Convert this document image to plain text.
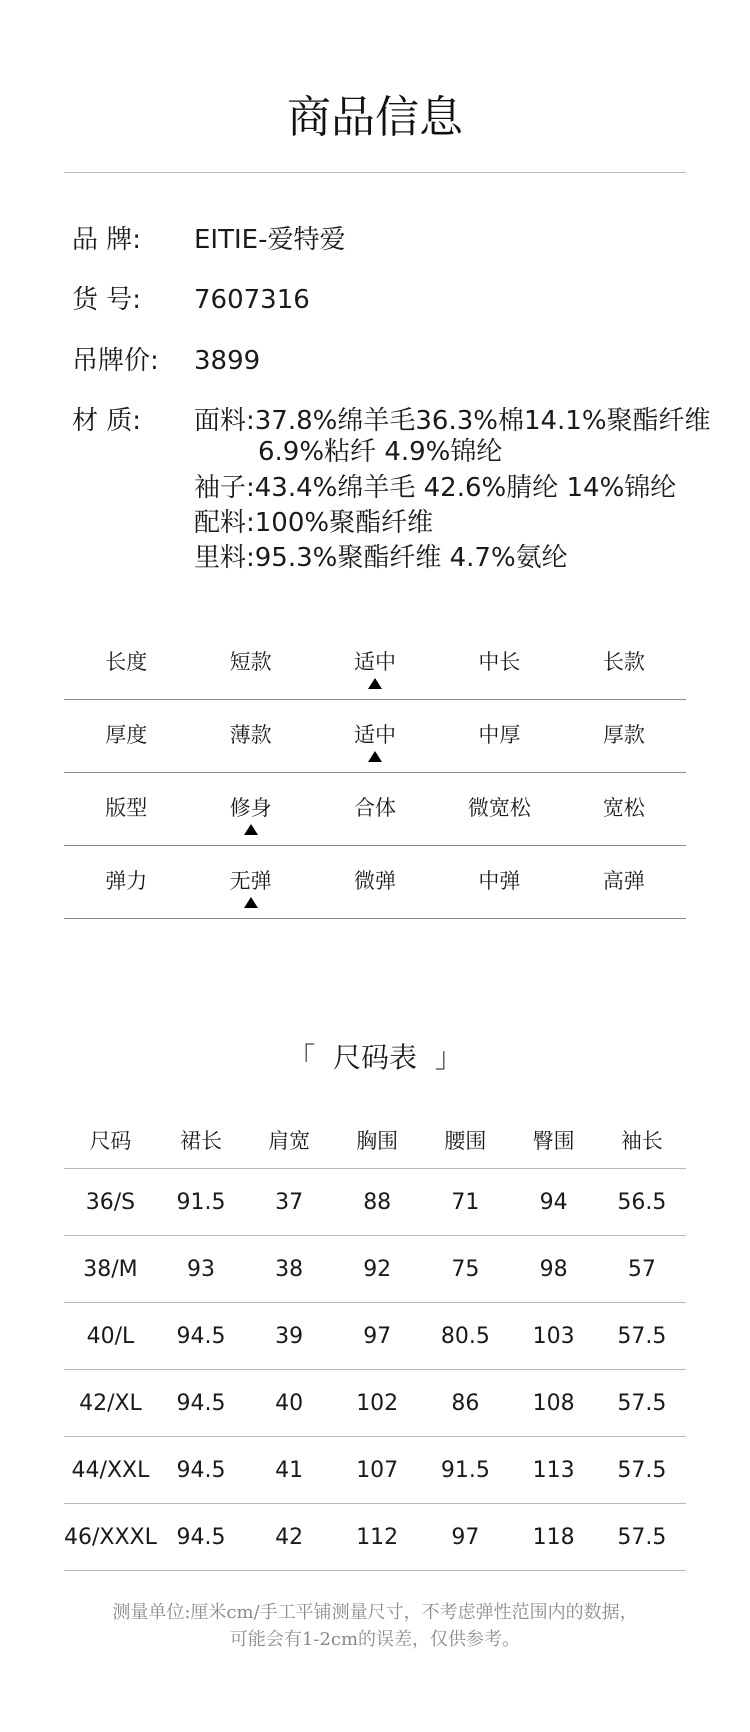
商品信息
品 牌: EITIE-爱特爱
货 号: 7607316
吊牌价: 3899
材 质: 面料:37.8%绵羊毛36.3%棉14.1%聚酯纤维
6.9%粘纤 4.9%锦纶
袖子:43.4%绵羊毛 42.6%腈纶 14%锦纶
配料:100%聚酯纤维
里料:95.3%聚酯纤维 4.7%氨纶
长度	短款	适中	中长	长款
厚度	薄款	适中	中厚	厚款
版型	修身	合体	微宽松	宽松
弹力	无弹	微弹	中弹	高弹
「  尺码表  」
尺码	裙长	肩宽	胸围	腰围	臀围	袖长
36/S	91.5	37	88	71	94	56.5
38/M	93	38	92	75	98	57
40/L	94.5	39	97	80.5	103	57.5
42/XL	94.5	40	102	86	108	57.5
44/XXL	94.5	41	107	91.5	113	57.5
46/XXXL	94.5	42	112	97	118	57.5
测量单位:厘米cm/手工平铺测量尺寸，不考虑弹性范围内的数据，
可能会有1-2cm的误差，仅供参考。
